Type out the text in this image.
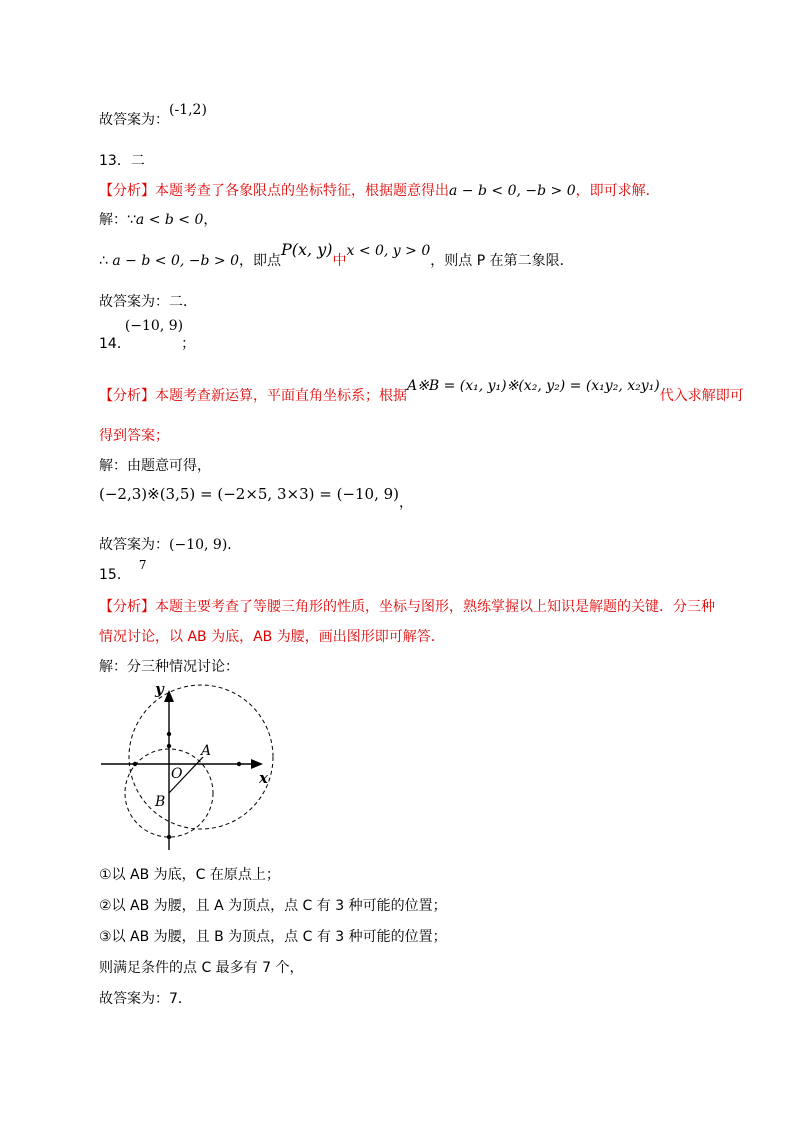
故答案为：(-1,2)
13．二
【分析】本题考查了各象限点的坐标特征，根据题意得出a − b < 0, −b > 0，即可求解．
解：∵a < b < 0，
∴ a − b < 0, −b > 0，即点P(x, y)中x < 0, y > 0，则点 P 在第二象限．
故答案为：二．
14．(−10, 9)；
【分析】本题考查新运算，平面直角坐标系；根据A※B = (x₁, y₁)※(x₂, y₂) = (x₁y₂, x₂y₁)代入求解即可
得到答案；
解：由题意可得，
(−2,3)※(3,5) = (−2×5, 3×3) = (−10, 9)，
故答案为：(−10, 9)．
15．7
【分析】本题主要考查了等腰三角形的性质，坐标与图形，熟练掌握以上知识是解题的关键．分三种
情况讨论，以 AB 为底，AB 为腰，画出图形即可解答．
解：分三种情况讨论：
y
x
O
A
B
①以 AB 为底，C 在原点上；
②以 AB 为腰，且 A 为顶点，点 C 有 3 种可能的位置；
③以 AB 为腰，且 B 为顶点，点 C 有 3 种可能的位置；
则满足条件的点 C 最多有 7 个，
故答案为：7．
